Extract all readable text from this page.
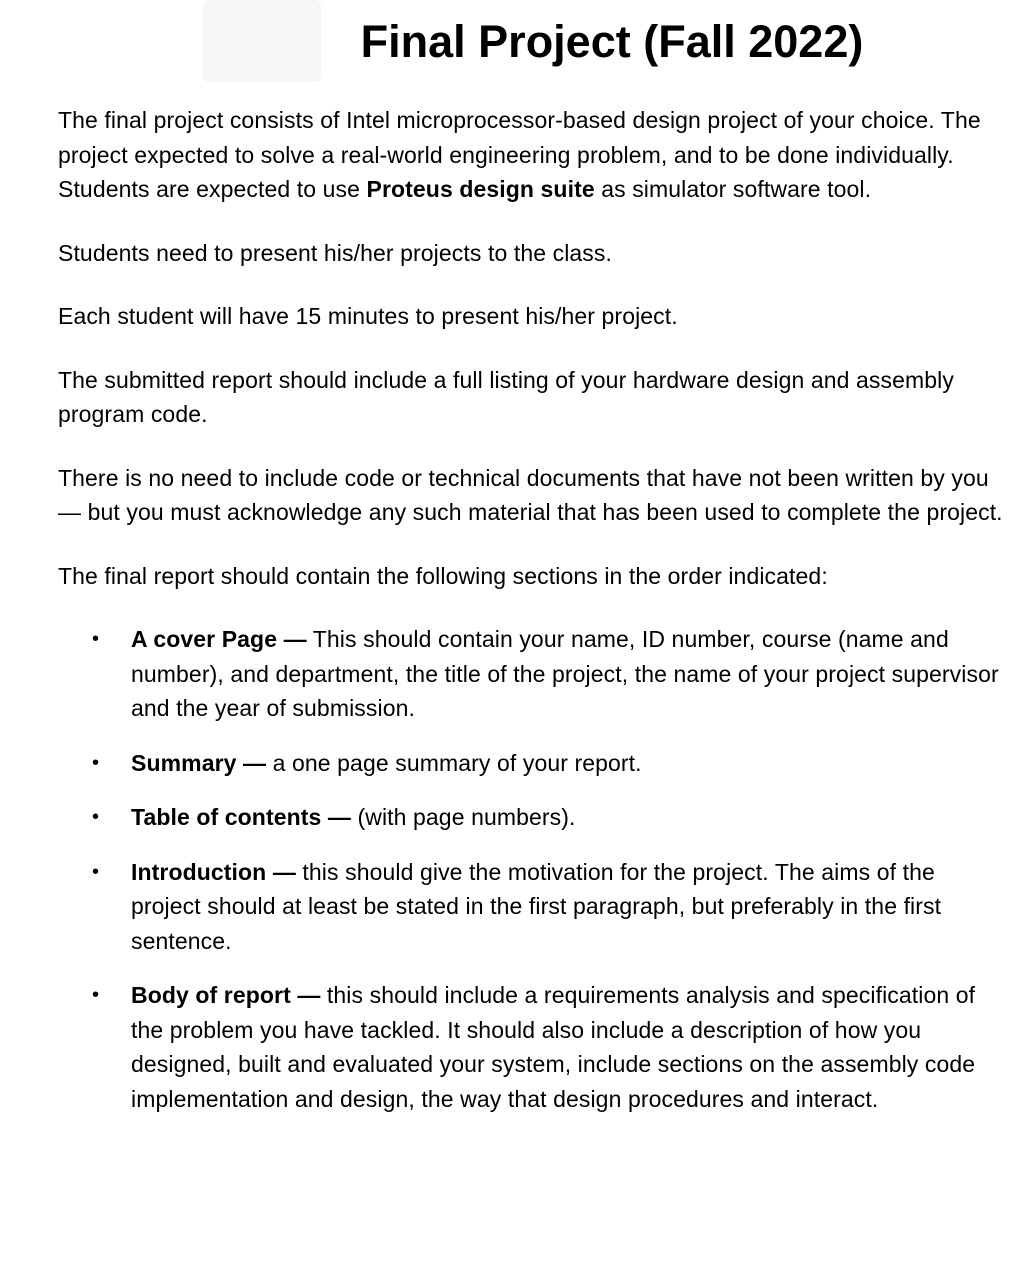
Final Project (Fall 2022)

The final project consists of Intel microprocessor-based design project of your choice. The project expected to solve a real-world engineering problem, and to be done individually. Students are expected to use Proteus design suite as simulator software tool.

Students need to present his/her projects to the class.

Each student will have 15 minutes to present his/her project.

The submitted report should include a full listing of your hardware design and assembly program code.

There is no need to include code or technical documents that have not been written by you — but you must acknowledge any such material that has been used to complete the project.

The final report should contain the following sections in the order indicated:

• A cover Page — This should contain your name, ID number, course (name and number), and department, the title of the project, the name of your project supervisor and the year of submission.
• Summary — a one page summary of your report.
• Table of contents — (with page numbers).
• Introduction — this should give the motivation for the project. The aims of the project should at least be stated in the first paragraph, but preferably in the first sentence.
• Body of report — this should include a requirements analysis and specification of the problem you have tackled. It should also include a description of how you designed, built and evaluated your system, include sections on the assembly code implementation and design, the way that design procedures and interact.
